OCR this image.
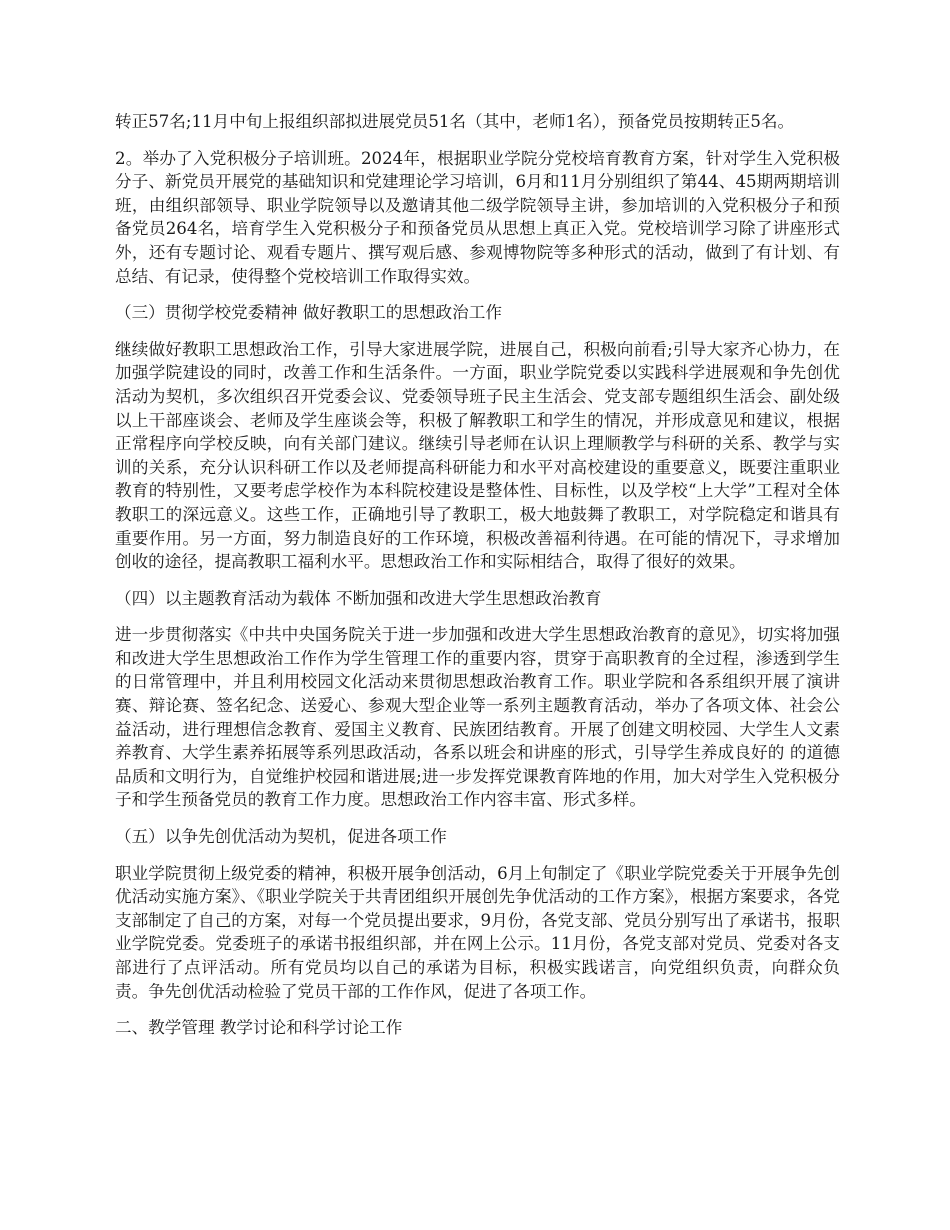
转正57名;11月中旬上报组织部拟进展党员51名（其中，老师1名），预备党员按期转正5名。

2。举办了入党积极分子培训班。2024年，根据职业学院分党校培育教育方案，针对学生入党积极分子、新党员开展党的基础知识和党建理论学习培训，6月和11月分别组织了第44、45期两期培训班，由组织部领导、职业学院领导以及邀请其他二级学院领导主讲，参加培训的入党积极分子和预备党员264名，培育学生入党积极分子和预备党员从思想上真正入党。党校培训学习除了讲座形式外，还有专题讨论、观看专题片、撰写观后感、参观博物院等多种形式的活动，做到了有计划、有总结、有记录，使得整个党校培训工作取得实效。

（三）贯彻学校党委精神 做好教职工的思想政治工作

继续做好教职工思想政治工作，引导大家进展学院，进展自己，积极向前看;引导大家齐心协力，在加强学院建设的同时，改善工作和生活条件。一方面，职业学院党委以实践科学进展观和争先创优活动为契机，多次组织召开党委会议、党委领导班子民主生活会、党支部专题组织生活会、副处级以上干部座谈会、老师及学生座谈会等，积极了解教职工和学生的情况，并形成意见和建议，根据正常程序向学校反映，向有关部门建议。继续引导老师在认识上理顺教学与科研的关系、教学与实训的关系，充分认识科研工作以及老师提高科研能力和水平对高校建设的重要意义，既要注重职业教育的特别性，又要考虑学校作为本科院校建设是整体性、目标性，以及学校“上大学”工程对全体教职工的深远意义。这些工作，正确地引导了教职工，极大地鼓舞了教职工，对学院稳定和谐具有重要作用。另一方面，努力制造良好的工作环境，积极改善福利待遇。在可能的情况下，寻求增加创收的途径，提高教职工福利水平。思想政治工作和实际相结合，取得了很好的效果。

（四）以主题教育活动为载体 不断加强和改进大学生思想政治教育

进一步贯彻落实《中共中央国务院关于进一步加强和改进大学生思想政治教育的意见》，切实将加强和改进大学生思想政治工作作为学生管理工作的重要内容，贯穿于高职教育的全过程，渗透到学生的日常管理中，并且利用校园文化活动来贯彻思想政治教育工作。职业学院和各系组织开展了演讲赛、辩论赛、签名纪念、送爱心、参观大型企业等一系列主题教育活动，举办了各项文体、社会公益活动，进行理想信念教育、爱国主义教育、民族团结教育。开展了创建文明校园、大学生人文素养教育、大学生素养拓展等系列思政活动，各系以班会和讲座的形式，引导学生养成良好的 的道德品质和文明行为，自觉维护校园和谐进展;进一步发挥党课教育阵地的作用，加大对学生入党积极分子和学生预备党员的教育工作力度。思想政治工作内容丰富、形式多样。

（五）以争先创优活动为契机，促进各项工作

职业学院贯彻上级党委的精神，积极开展争创活动，6月上旬制定了《职业学院党委关于开展争先创优活动实施方案》、《职业学院关于共青团组织开展创先争优活动的工作方案》，根据方案要求，各党支部制定了自己的方案，对每一个党员提出要求，9月份，各党支部、党员分别写出了承诺书，报职业学院党委。党委班子的承诺书报组织部，并在网上公示。11月份，各党支部对党员、党委对各支部进行了点评活动。所有党员均以自己的承诺为目标，积极实践诺言，向党组织负责，向群众负责。争先创优活动检验了党员干部的工作作风，促进了各项工作。

二、教学管理 教学讨论和科学讨论工作
